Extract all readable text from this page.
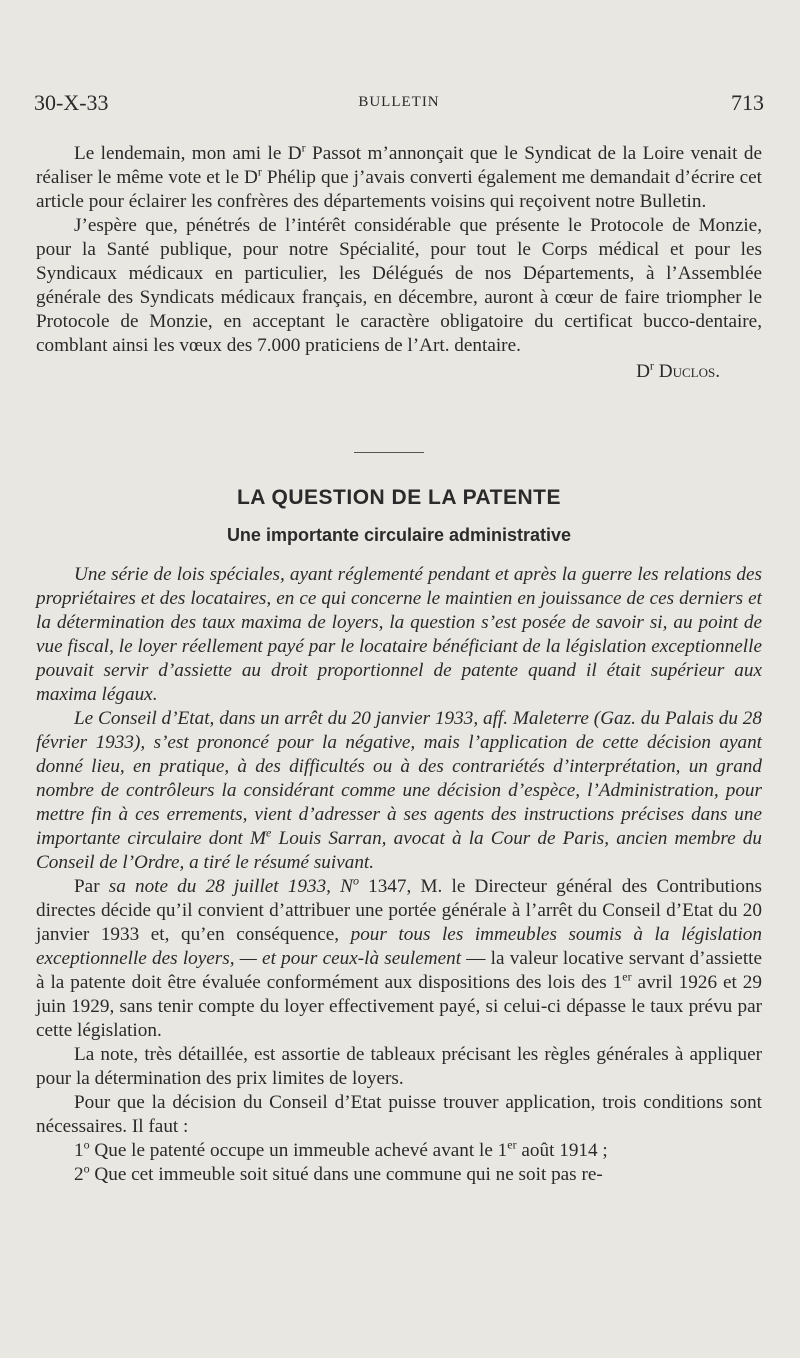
30-X-33	BULLETIN	713

Le lendemain, mon ami le $D^r$ Passot m’annonçait que le Syndicat de la Loire venait de réaliser le même vote et le $D^r$ Phélip que j’avais converti également me demandait d’écrire cet article pour éclairer les confrères des départements voisins qui reçoivent notre Bulletin.

J’espère que, pénétrés de l’intérêt considérable que présente le Protocole de Monzie, pour la Santé publique, pour notre Spécialité, pour tout le Corps médical et pour les Syndicaux médicaux en particulier, les Délégués de nos Départements, à l’Assemblée générale des Syndicats médicaux français, en décembre, auront à cœur de faire triompher le Protocole de Monzie, en acceptant le caractère obligatoire du certificat bucco-dentaire, comblant ainsi les vœux des 7.000 praticiens de l’Art. dentaire.

$D^r$ Duclos.

LA QUESTION DE LA PATENTE
Une importante circulaire administrative

Une série de lois spéciales, ayant réglementé pendant et après la guerre les relations des propriétaires et des locataires, en ce qui concerne le maintien en jouissance de ces derniers et la détermination des taux maxima de loyers, la question s’est posée de savoir si, au point de vue fiscal, le loyer réellement payé par le locataire bénéficiant de la législation exceptionnelle pouvait servir d’assiette au droit proportionnel de patente quand il était supérieur aux maxima légaux.

Le Conseil d’Etat, dans un arrêt du 20 janvier 1933, aff. Maleterre (Gaz. du Palais du 28 février 1933), s’est prononcé pour la négative, mais l’application de cette décision ayant donné lieu, en pratique, à des difficultés ou à des contrariétés d’interprétation, un grand nombre de contrôleurs la considérant comme une décision d’espèce, l’Administration, pour mettre fin à ces errements, vient d’adresser à ses agents des instructions précises dans une importante circulaire dont Me Louis Sarran, avocat à la Cour de Paris, ancien membre du Conseil de l’Ordre, a tiré le résumé suivant.

Par sa note du 28 juillet 1933, $N^o$ 1347, M. le Directeur général des Contributions directes décide qu’il convient d’attribuer une portée générale à l’arrêt du Conseil d’Etat du 20 janvier 1933 et, qu’en conséquence, pour tous les immeubles soumis à la législation exceptionnelle des loyers, — et pour ceux-là seulement — la valeur locative servant d’assiette à la patente doit être évaluée conformément aux dispositions des lois des 1er avril 1926 et 29 juin 1929, sans tenir compte du loyer effectivement payé, si celui-ci dépasse le taux prévu par cette législation.

La note, très détaillée, est assortie de tableaux précisant les règles générales à appliquer pour la détermination des prix limites de loyers.

Pour que la décision du Conseil d’Etat puisse trouver application, trois conditions sont nécessaires. Il faut :

1$^o$ Que le patenté occupe un immeuble achevé avant le 1er août 1914 ;

2$^o$ Que cet immeuble soit situé dans une commune qui ne soit pas re-
